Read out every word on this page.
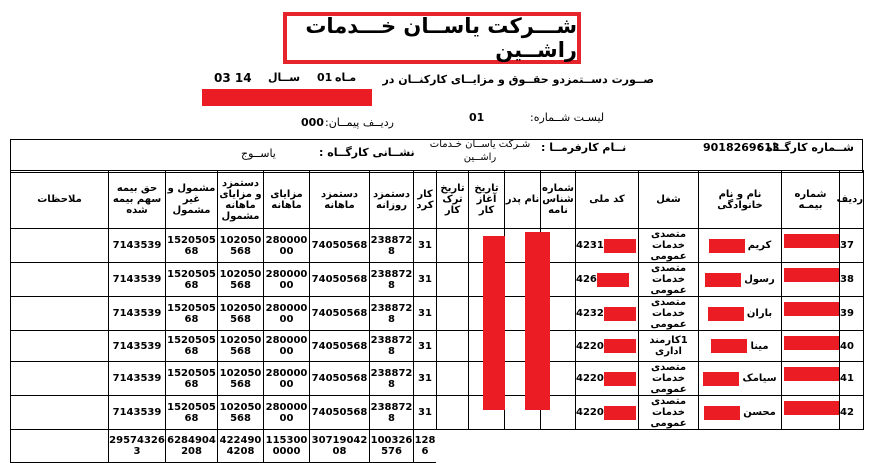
شـــرکت یاســان خـــدمات راشــین
صــورت دســتمزدو حقــوق و مزایــای کارکنــان در
مـاه
01
ســال
14 03
لیسـت شــماره:
01
ردیــف پیمــان:
000
شــماره کارگــاه :
9018269613
نــام کارفرمــا :
شـرکت یاســان خـدمات راشــین
نشــانی کارگــاه :
یاســوج
ردیف	شماره بیمـه	نام و نام خانوادگی	شغل	کد ملی	شماره شناس نامه	نام پدر	تاریخ آغاز کار	تاریخ ترک کار	کار کرد	دستمزد روزانه	دستمزد ماهانه	مزایای ماهانه	دستمزد و مزایای ماهانه مشمول	مشمول و غیر مشمول	حق بیمه سهم بیمه شده	ملاحظات
37		کریم	متصدی خدمات عمومی	4231					31	2388728	74050568	28000000	102050568	152050568	7143539	
38		رسول	متصدی خدمات عمومی	426					31	2388728	74050568	28000000	102050568	152050568	7143539	
39		باران	متصدی خدمات عمومی	4232					31	2388728	74050568	28000000	102050568	152050568	7143539	
40		مینا	1کارمند اداری	4220					31	2388728	74050568	28000000	102050568	152050568	7143539	
41		سیامک	متصدی خدمات عمومی	4220					31	2388728	74050568	28000000	102050568	152050568	7143539	
42		محسن	متصدی خدمات عمومی	4220					31	2388728	74050568	28000000	102050568	152050568	7143539	
									1286	100326576	3071904208	1153000000	4224904208	6284904208	295743263	
